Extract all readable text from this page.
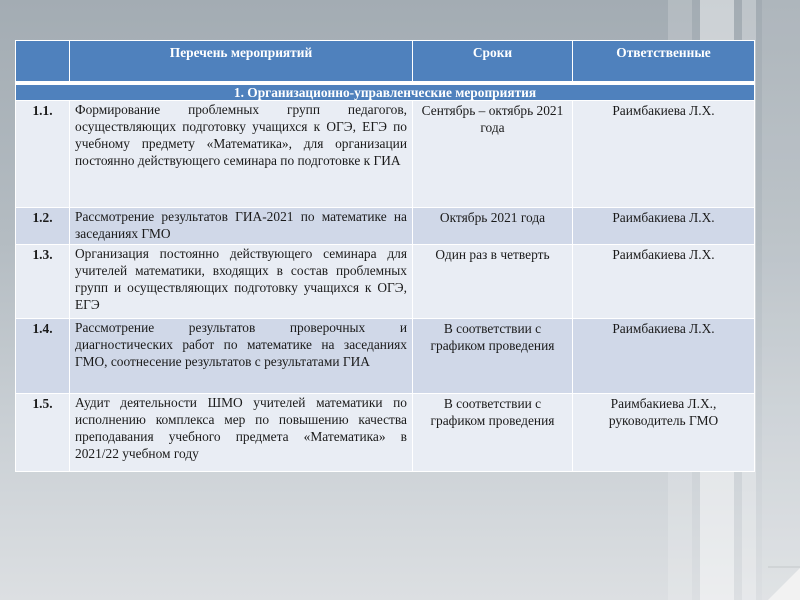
	Перечень мероприятий	Сроки	Ответственные
1. Организационно-управленческие мероприятия			
1.1.	Формирование проблемных групп педагогов, осуществляющих подготовку учащихся к ОГЭ, ЕГЭ по учебному предмету «Математика», для организации постоянно действующего семинара по подготовке к ГИА	Сентябрь – октябрь 2021 года	Раимбакиева Л.Х.
1.2.	Рассмотрение результатов ГИА-2021 по математике на заседаниях ГМО	Октябрь 2021 года	Раимбакиева Л.Х.
1.3.	Организация постоянно действующего семинара для учителей математики, входящих в состав проблемных групп и осуществляющих подготовку учащихся к ОГЭ, ЕГЭ	Один раз в четверть	Раимбакиева Л.Х.
1.4.	Рассмотрение результатов проверочных и диагностических работ по математике на заседаниях ГМО, соотнесение результатов с результатами ГИА	В соответствии с графиком проведения	Раимбакиева Л.Х.
1.5.	Аудит деятельности ШМО учителей математики по исполнению комплекса мер по повышению качества преподавания учебного предмета «Математика» в 2021/22 учебном году	В соответствии с графиком проведения	Раимбакиева Л.Х., руководитель ГМО
